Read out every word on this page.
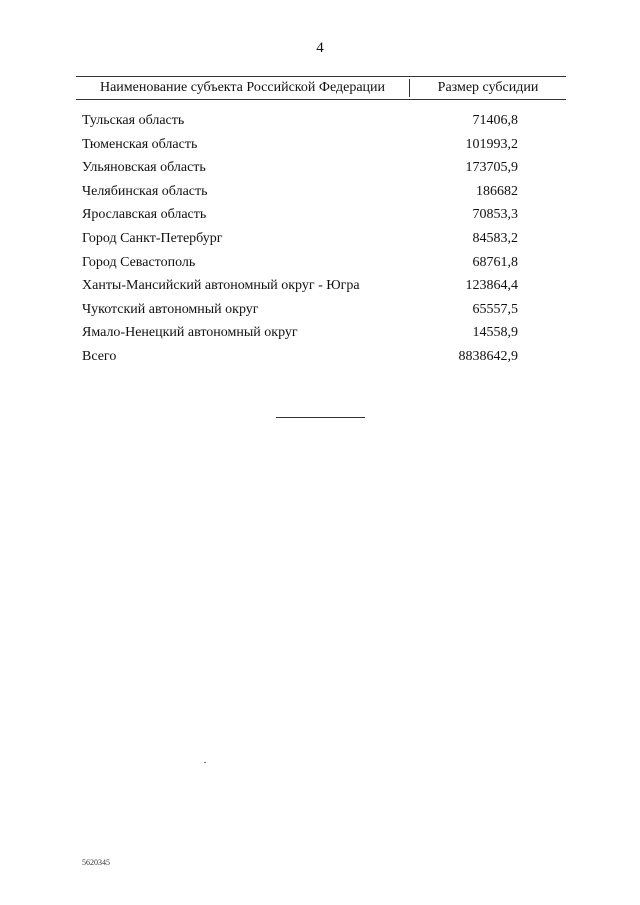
4
Наименование субъекта Российской Федерации	Размер субсидии
Тульская область	71406,8
Тюменская область	101993,2
Ульяновская область	173705,9
Челябинская область	186682
Ярославская область	70853,3
Город Санкт-Петербург	84583,2
Город Севастополь	68761,8
Ханты-Мансийский автономный округ - Югра	123864,4
Чукотский автономный округ	65557,5
Ямало-Ненецкий автономный округ	14558,9
Всего	8838642,9
5620345
